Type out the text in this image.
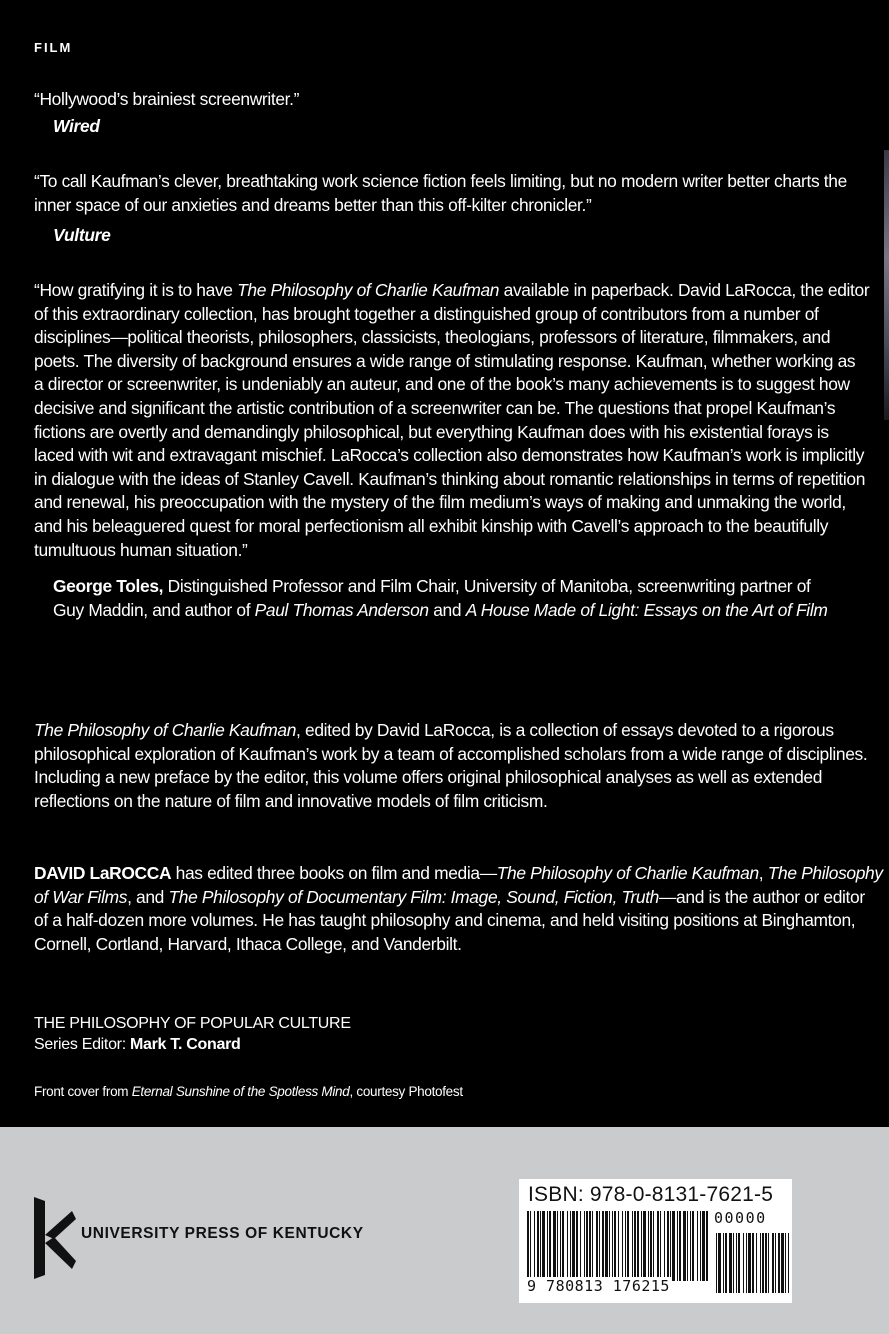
FILM
“Hollywood’s brainiest screenwriter.”
Wired
“To call Kaufman’s clever, breathtaking work science fiction feels limiting, but no modern writer better charts the
inner space of our anxieties and dreams better than this off-kilter chronicler.”
Vulture
“How gratifying it is to have The Philosophy of Charlie Kaufman available in paperback. David LaRocca, the editor
of this extraordinary collection, has brought together a distinguished group of contributors from a number of
disciplines—political theorists, philosophers, classicists, theologians, professors of literature, filmmakers, and
poets. The diversity of background ensures a wide range of stimulating response. Kaufman, whether working as
a director or screenwriter, is undeniably an auteur, and one of the book’s many achievements is to suggest how
decisive and significant the artistic contribution of a screenwriter can be. The questions that propel Kaufman’s
fictions are overtly and demandingly philosophical, but everything Kaufman does with his existential forays is
laced with wit and extravagant mischief. LaRocca’s collection also demonstrates how Kaufman’s work is implicitly
in dialogue with the ideas of Stanley Cavell. Kaufman’s thinking about romantic relationships in terms of repetition
and renewal, his preoccupation with the mystery of the film medium’s ways of making and unmaking the world,
and his beleaguered quest for moral perfectionism all exhibit kinship with Cavell’s approach to the beautifully
tumultuous human situation.”
George Toles, Distinguished Professor and Film Chair, University of Manitoba, screenwriting partner of
Guy Maddin, and author of Paul Thomas Anderson and A House Made of Light: Essays on the Art of Film
The Philosophy of Charlie Kaufman, edited by David LaRocca, is a collection of essays devoted to a rigorous
philosophical exploration of Kaufman’s work by a team of accomplished scholars from a wide range of disciplines.
Including a new preface by the editor, this volume offers original philosophical analyses as well as extended
reflections on the nature of film and innovative models of film criticism.
DAVID LaROCCA has edited three books on film and media—The Philosophy of Charlie Kaufman, The Philosophy
of War Films, and The Philosophy of Documentary Film: Image, Sound, Fiction, Truth—and is the author or editor
of a half-dozen more volumes. He has taught philosophy and cinema, and held visiting positions at Binghamton,
Cornell, Cortland, Harvard, Ithaca College, and Vanderbilt.
THE PHILOSOPHY OF POPULAR CULTURE
Series Editor: Mark T. Conard
Front cover from Eternal Sunshine of the Spotless Mind, courtesy Photofest
UNIVERSITY PRESS OF KENTUCKY
ISBN: 978-0-8131-7621-5
00000
9 780813 176215
